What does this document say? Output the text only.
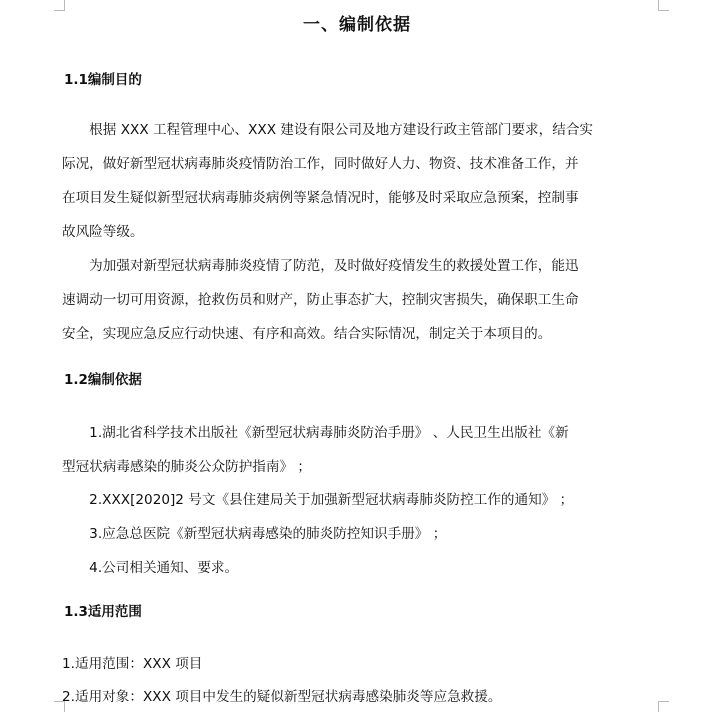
一、编制依据
1.1编制目的
　　根据 XXX 工程管理中心、XXX 建设有限公司及地方建设行政主管部门要求，结合实
际况，做好新型冠状病毒肺炎疫情防治工作，同时做好人力、物资、技术准备工作，并
在项目发生疑似新型冠状病毒肺炎病例等紧急情况时，能够及时采取应急预案，控制事
故风险等级。
　　为加强对新型冠状病毒肺炎疫情了防范，及时做好疫情发生的救援处置工作，能迅
速调动一切可用资源，抢救伤员和财产，防止事态扩大，控制灾害损失，确保职工生命
安全，实现应急反应行动快速、有序和高效。结合实际情况，制定关于本项目的。
1.2编制依据
　　1.湖北省科学技术出版社《新型冠状病毒肺炎防治手册》 、人民卫生出版社《新
型冠状病毒感染的肺炎公众防护指南》 ；
　　2.XXX[2020]2 号文《县住建局关于加强新型冠状病毒肺炎防控工作的通知》 ；
　　3.应急总医院《新型冠状病毒感染的肺炎防控知识手册》 ；
　　4.公司相关通知、要求。
1.3适用范围
1.适用范围：XXX 项目
2.适用对象：XXX 项目中发生的疑似新型冠状病毒感染肺炎等应急救援。
